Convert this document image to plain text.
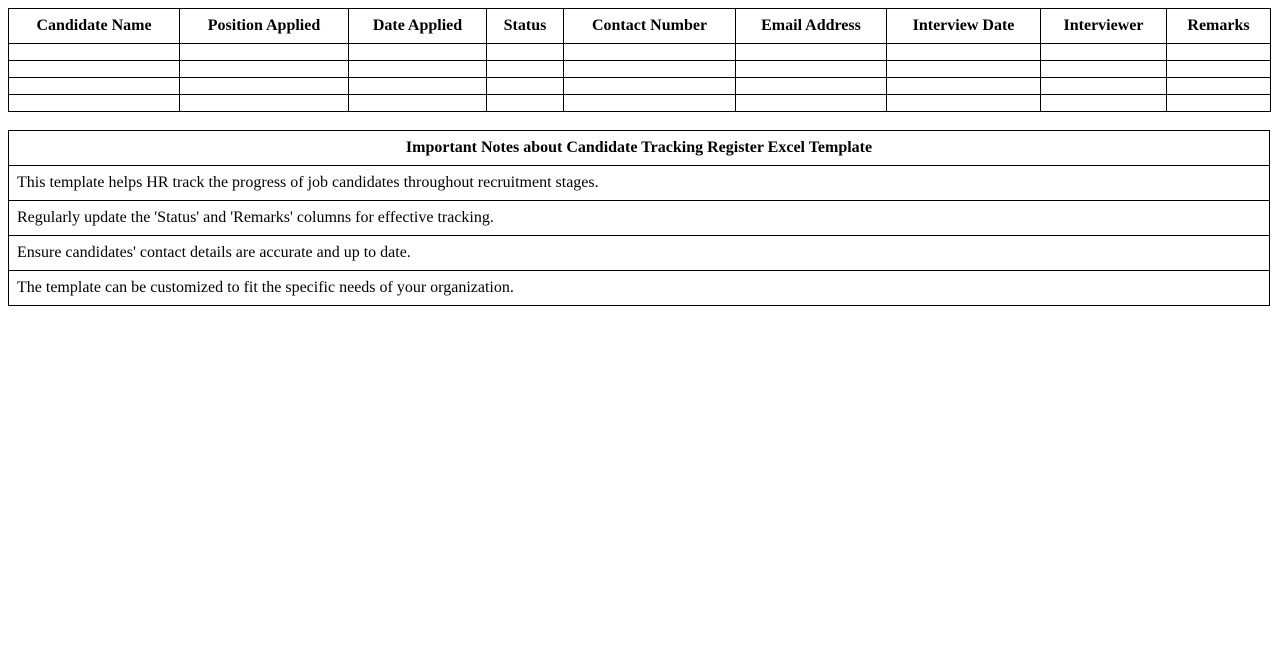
Candidate Name	Position Applied	Date Applied	Status	Contact Number	Email Address	Interview Date	Interviewer	Remarks

Important Notes about Candidate Tracking Register Excel Template
This template helps HR track the progress of job candidates throughout recruitment stages.
Regularly update the 'Status' and 'Remarks' columns for effective tracking.
Ensure candidates' contact details are accurate and up to date.
The template can be customized to fit the specific needs of your organization.
